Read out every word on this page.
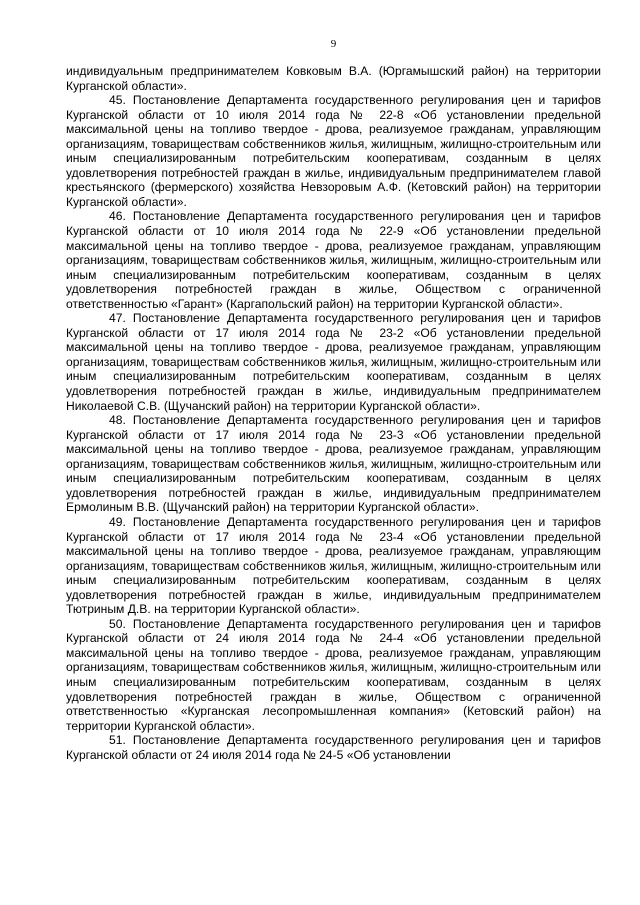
9

индивидуальным предпринимателем Ковковым В.А. (Юргамышский район) на территории Курганской области».

45. Постановление Департамента государственного регулирования цен и тарифов Курганской области от 10 июля 2014 года № 22-8 «Об установлении предельной максимальной цены на топливо твердое - дрова, реализуемое гражданам, управляющим организациям, товариществам собственников жилья, жилищным, жилищно-строительным или иным специализированным потребительским кооперативам, созданным в целях удовлетворения потребностей граждан в жилье, индивидуальным предпринимателем главой крестьянского (фермерского) хозяйства Невзоровым А.Ф. (Кетовский район) на территории Курганской области».

46. Постановление Департамента государственного регулирования цен и тарифов Курганской области от 10 июля 2014 года № 22-9 «Об установлении предельной максимальной цены на топливо твердое - дрова, реализуемое гражданам, управляющим организациям, товариществам собственников жилья, жилищным, жилищно-строительным или иным специализированным потребительским кооперативам, созданным в целях удовлетворения потребностей граждан в жилье, Обществом с ограниченной ответственностью «Гарант» (Каргапольский район) на территории Курганской области».

47. Постановление Департамента государственного регулирования цен и тарифов Курганской области от 17 июля 2014 года № 23-2 «Об установлении предельной максимальной цены на топливо твердое - дрова, реализуемое гражданам, управляющим организациям, товариществам собственников жилья, жилищным, жилищно-строительным или иным специализированным потребительским кооперативам, созданным в целях удовлетворения потребностей граждан в жилье, индивидуальным предпринимателем Николаевой С.В. (Щучанский район) на территории Курганской области».

48. Постановление Департамента государственного регулирования цен и тарифов Курганской области от 17 июля 2014 года № 23-3 «Об установлении предельной максимальной цены на топливо твердое - дрова, реализуемое гражданам, управляющим организациям, товариществам собственников жилья, жилищным, жилищно-строительным или иным специализированным потребительским кооперативам, созданным в целях удовлетворения потребностей граждан в жилье, индивидуальным предпринимателем Ермолиным В.В. (Щучанский район) на территории Курганской области».

49. Постановление Департамента государственного регулирования цен и тарифов Курганской области от 17 июля 2014 года № 23-4 «Об установлении предельной максимальной цены на топливо твердое - дрова, реализуемое гражданам, управляющим организациям, товариществам собственников жилья, жилищным, жилищно-строительным или иным специализированным потребительским кооперативам, созданным в целях удовлетворения потребностей граждан в жилье, индивидуальным предпринимателем Тютриным Д.В. на территории Курганской области».

50. Постановление Департамента государственного регулирования цен и тарифов Курганской области от 24 июля 2014 года № 24-4 «Об установлении предельной максимальной цены на топливо твердое - дрова, реализуемое гражданам, управляющим организациям, товариществам собственников жилья, жилищным, жилищно-строительным или иным специализированным потребительским кооперативам, созданным в целях удовлетворения потребностей граждан в жилье, Обществом с ограниченной ответственностью «Курганская лесопромышленная компания» (Кетовский район) на территории Курганской области».

51. Постановление Департамента государственного регулирования цен и тарифов Курганской области от 24 июля 2014 года № 24-5 «Об установлении
